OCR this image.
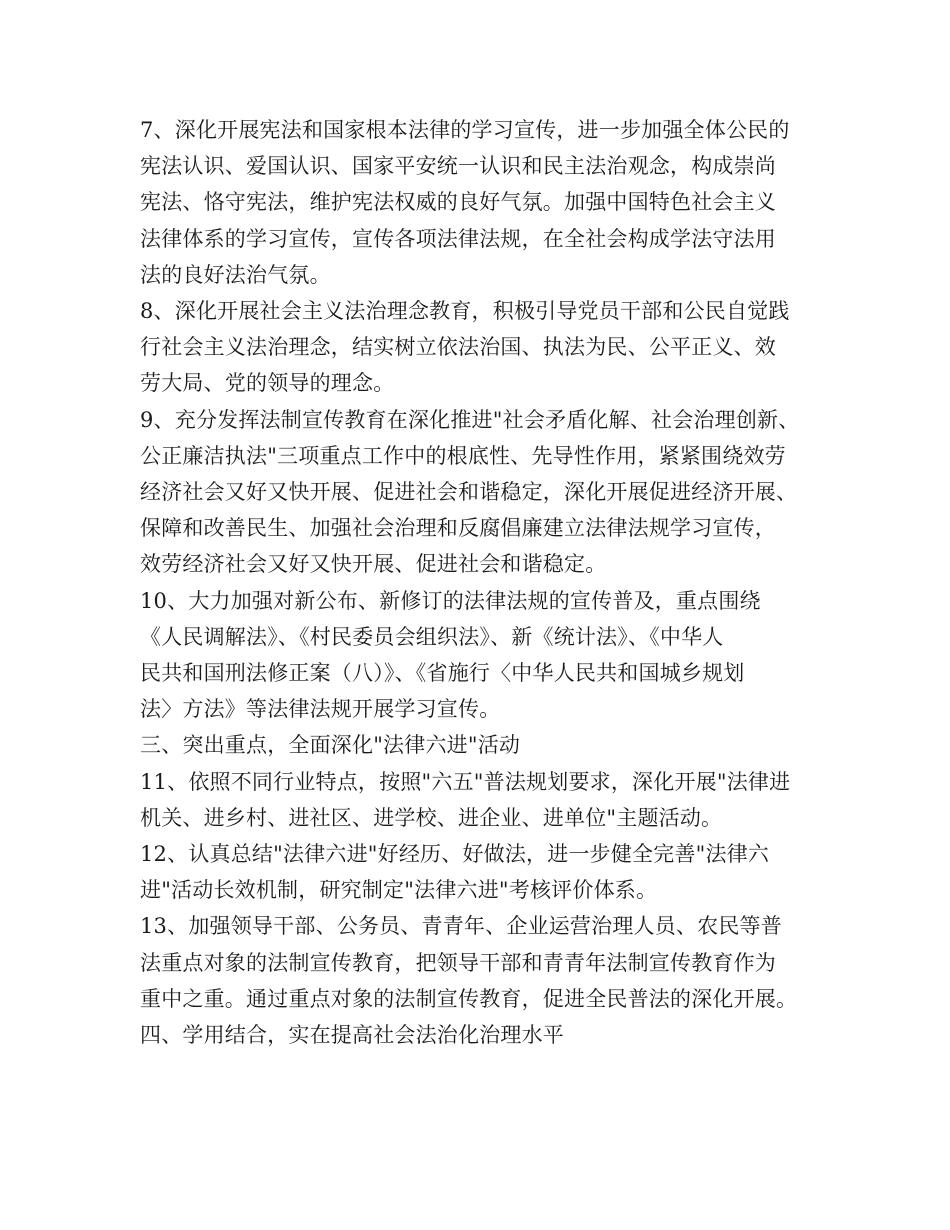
7、深化开展宪法和国家根本法律的学习宣传，进一步加强全体公民的
宪法认识、爱国认识、国家平安统一认识和民主法治观念，构成崇尚
宪法、恪守宪法，维护宪法权威的良好气氛。加强中国特色社会主义
法律体系的学习宣传，宣传各项法律法规，在全社会构成学法守法用
法的良好法治气氛。

8、深化开展社会主义法治理念教育，积极引导党员干部和公民自觉践
行社会主义法治理念，结实树立依法治国、执法为民、公平正义、效
劳大局、党的领导的理念。

9、充分发挥法制宣传教育在深化推进"社会矛盾化解、社会治理创新、
公正廉洁执法"三项重点工作中的根底性、先导性作用，紧紧围绕效劳
经济社会又好又快开展、促进社会和谐稳定，深化开展促进经济开展、
保障和改善民生、加强社会治理和反腐倡廉建立法律法规学习宣传，
效劳经济社会又好又快开展、促进社会和谐稳定。

10、大力加强对新公布、新修订的法律法规的宣传普及，重点围绕
《人民调解法》、《村民委员会组织法》、新《统计法》、《中华人
民共和国刑法修正案（八）》、《省施行〈中华人民共和国城乡规划
法〉方法》等法律法规开展学习宣传。

三、突出重点，全面深化"法律六进"活动

11、依照不同行业特点，按照"六五"普法规划要求，深化开展"法律进
机关、进乡村、进社区、进学校、进企业、进单位"主题活动。

12、认真总结"法律六进"好经历、好做法，进一步健全完善"法律六
进"活动长效机制，研究制定"法律六进"考核评价体系。

13、加强领导干部、公务员、青青年、企业运营治理人员、农民等普
法重点对象的法制宣传教育，把领导干部和青青年法制宣传教育作为
重中之重。通过重点对象的法制宣传教育，促进全民普法的深化开展。

四、学用结合，实在提高社会法治化治理水平
